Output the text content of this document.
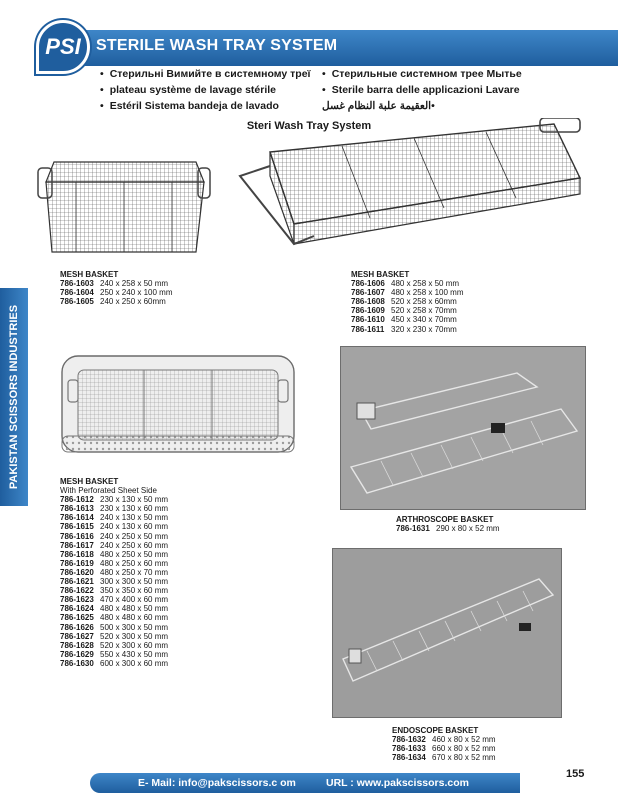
PSI STERILE WASH TRAY SYSTEM
• Стерильні Вимийте в системному треї	• Стерильные системном трее Мытье
• plateau système de lavage stérile	• Sterile barra delle applicazioni Lavare
• Estéril Sistema bandeja de lavado	• العقيمة علبة النظام غسل
Steri Wash Tray System
PAKISTAN SCISSORS INDUSTRIES
MESH BASKET
786-1603 240 x 258 x 50 mm
786-1604 250 x 240 x 100 mm
786-1605 240 x 250 x 60mm
MESH BASKET
786-1606 480 x 258 x 50 mm
786-1607 480 x 258 x 100 mm
786-1608 520 x 258 x 60mm
786-1609 520 x 258 x 70mm
786-1610 450 x 340 x 70mm
786-1611 320 x 230 x 70mm
MESH BASKET
With Perforated Sheet Side
786-1612 230 x 130 x 50 mm
786-1613 230 x 130 x 60 mm
786-1614 240 x 130 x 50 mm
786-1615 240 x 130 x 60 mm
786-1616 240 x 250 x 50 mm
786-1617 240 x 250 x 60 mm
786-1618 480 x 250 x 50 mm
786-1619 480 x 250 x 60 mm
786-1620 480 x 250 x 70 mm
786-1621 300 x 300 x 50 mm
786-1622 350 x 350 x 60 mm
786-1623 470 x 400 x 60 mm
786-1624 480 x 480 x 50 mm
786-1625 480 x 480 x 60 mm
786-1626 500 x 300 x 50 mm
786-1627 520 x 300 x 50 mm
786-1628 520 x 300 x 60 mm
786-1629 550 x 430 x 50 mm
786-1630 600 x 300 x 60 mm
ARTHROSCOPE BASKET
786-1631 290 x 80 x 52 mm
ENDOSCOPE BASKET
786-1632 460 x 80 x 52 mm
786-1633 660 x 80 x 52 mm
786-1634 670 x 80 x 52 mm
E- Mail: info@pakscissors.c om	URL : www.pakscissors.com
155
